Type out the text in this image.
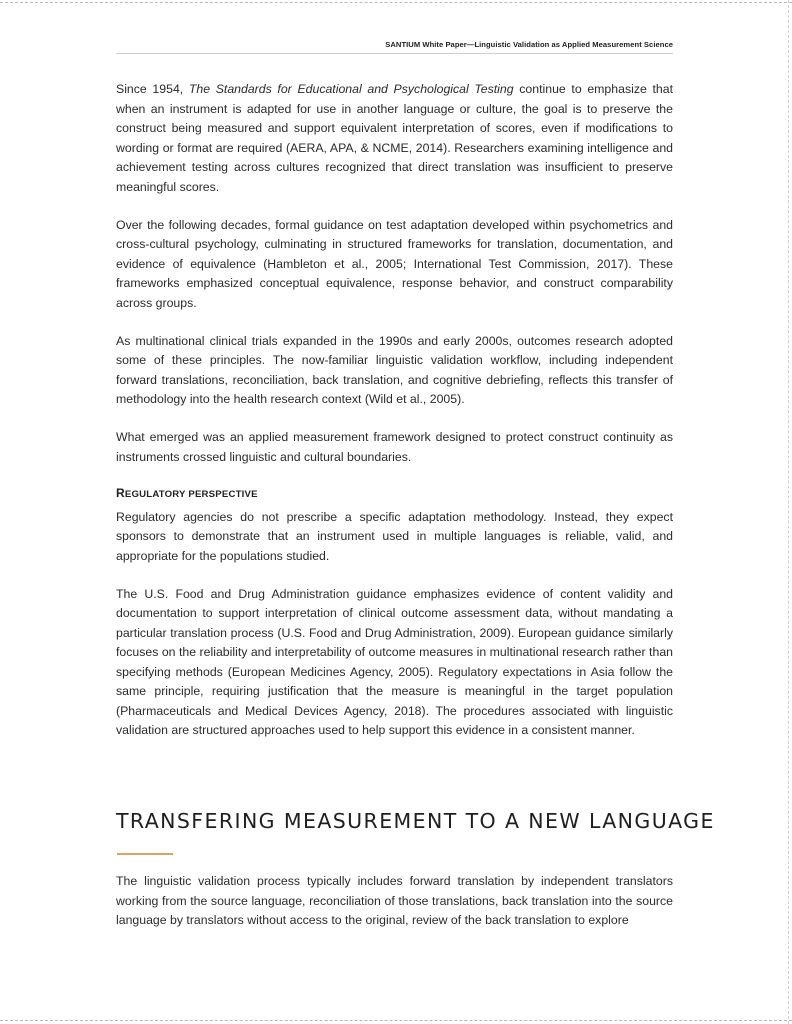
SANTIUM White Paper—Linguistic Validation as Applied Measurement Science

Since 1954, The Standards for Educational and Psychological Testing continue to emphasize that when an instrument is adapted for use in another language or culture, the goal is to preserve the construct being measured and support equivalent interpretation of scores, even if modifications to wording or format are required (AERA, APA, & NCME, 2014). Researchers examining intelligence and achievement testing across cultures recognized that direct translation was insufficient to preserve meaningful scores.

Over the following decades, formal guidance on test adaptation developed within psychometrics and cross-cultural psychology, culminating in structured frameworks for translation, documentation, and evidence of equivalence (Hambleton et al., 2005; International Test Commission, 2017). These frameworks emphasized conceptual equivalence, response behavior, and construct comparability across groups.

As multinational clinical trials expanded in the 1990s and early 2000s, outcomes research adopted some of these principles. The now-familiar linguistic validation workflow, including independent forward translations, reconciliation, back translation, and cognitive debriefing, reflects this transfer of methodology into the health research context (Wild et al., 2005).

What emerged was an applied measurement framework designed to protect construct continuity as instruments crossed linguistic and cultural boundaries.

REGULATORY PERSPECTIVE

Regulatory agencies do not prescribe a specific adaptation methodology. Instead, they expect sponsors to demonstrate that an instrument used in multiple languages is reliable, valid, and appropriate for the populations studied.

The U.S. Food and Drug Administration guidance emphasizes evidence of content validity and documentation to support interpretation of clinical outcome assessment data, without mandating a particular translation process (U.S. Food and Drug Administration, 2009). European guidance similarly focuses on the reliability and interpretability of outcome measures in multinational research rather than specifying methods (European Medicines Agency, 2005). Regulatory expectations in Asia follow the same principle, requiring justification that the measure is meaningful in the target population (Pharmaceuticals and Medical Devices Agency, 2018). The procedures associated with linguistic validation are structured approaches used to help support this evidence in a consistent manner.

TRANSFERING MEASUREMENT TO A NEW LANGUAGE

The linguistic validation process typically includes forward translation by independent translators working from the source language, reconciliation of those translations, back translation into the source language by translators without access to the original, review of the back translation to explore
